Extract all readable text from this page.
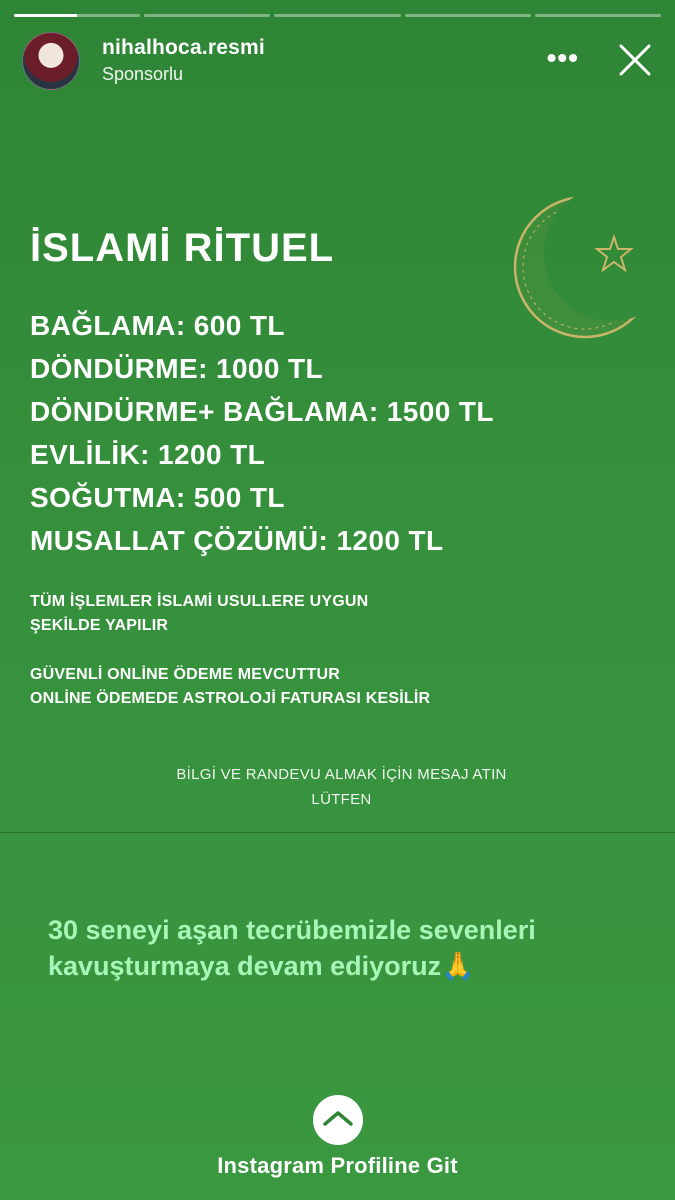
nihalhoca.resmi
Sponsorlu
•••
İSLAMİ RİTUEL
BAĞLAMA: 600 TL
DÖNDÜRME: 1000 TL
DÖNDÜRME+ BAĞLAMA: 1500 TL
EVLİLİK: 1200 TL
SOĞUTMA: 500 TL
MUSALLAT ÇÖZÜMÜ: 1200 TL
TÜM İŞLEMLER İSLAMİ USULLERE UYGUN
ŞEKİLDE YAPILIR
GÜVENLİ ONLİNE ÖDEME MEVCUTTUR
ONLİNE ÖDEMEDE ASTROLOJİ FATURASI KESİLİR
BİLGİ VE RANDEVU ALMAK İÇİN MESAJ ATIN
LÜTFEN
30 seneyi aşan tecrübemizle sevenleri
kavuşturmaya devam ediyoruz🙏
Instagram Profiline Git
